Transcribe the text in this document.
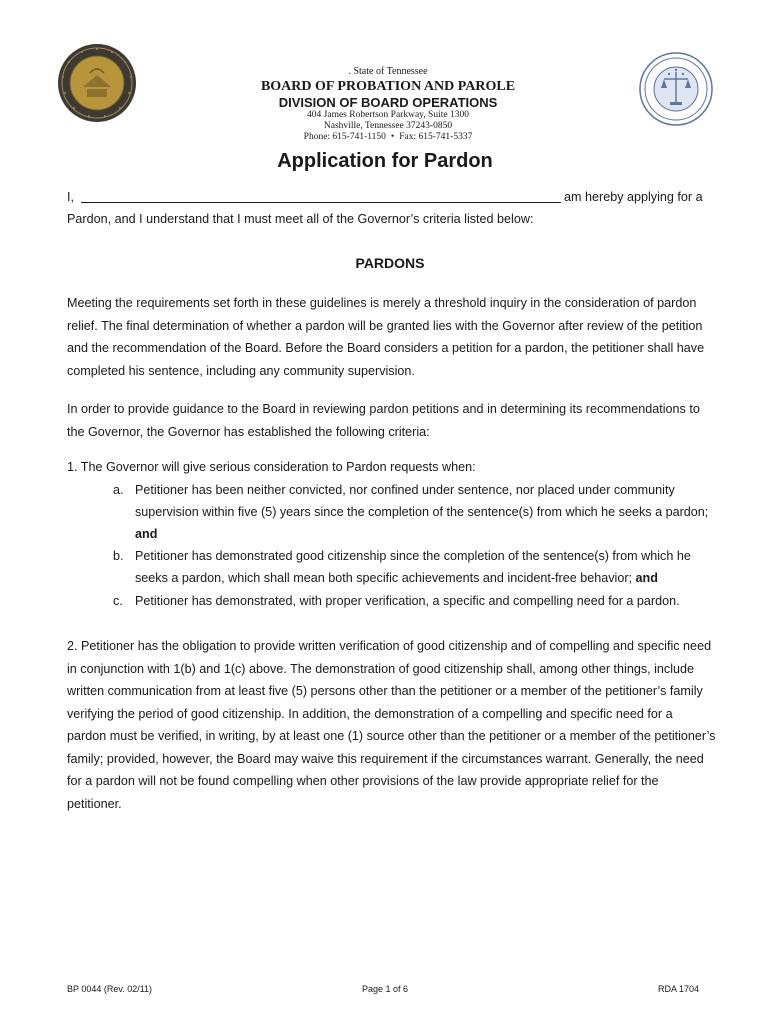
. State of Tennessee
BOARD OF PROBATION AND PAROLE
DIVISION OF BOARD OPERATIONS
404 James Robertson Parkway, Suite 1300
Nashville, Tennessee 37243-0850
Phone: 615-741-1150 • Fax: 615-741-5337
Application for Pardon
I,	am hereby applying for a
Pardon, and I understand that I must meet all of the Governor’s criteria listed below:
PARDONS
Meeting the requirements set forth in these guidelines is merely a threshold inquiry in the consideration of pardon
relief. The final determination of whether a pardon will be granted lies with the Governor after review of the petition
and the recommendation of the Board. Before the Board considers a petition for a pardon, the petitioner shall have
completed his sentence, including any community supervision.
In order to provide guidance to the Board in reviewing pardon petitions and in determining its recommendations to
the Governor, the Governor has established the following criteria:
1. The Governor will give serious consideration to Pardon requests when:
a. Petitioner has been neither convicted, nor confined under sentence, nor placed under community
supervision within five (5) years since the completion of the sentence(s) from which he seeks a pardon;
and
b. Petitioner has demonstrated good citizenship since the completion of the sentence(s) from which he
seeks a pardon, which shall mean both specific achievements and incident-free behavior; and
c. Petitioner has demonstrated, with proper verification, a specific and compelling need for a pardon.
2. Petitioner has the obligation to provide written verification of good citizenship and of compelling and specific need
in conjunction with 1(b) and 1(c) above. The demonstration of good citizenship shall, among other things, include
written communication from at least five (5) persons other than the petitioner or a member of the petitioner’s family
verifying the period of good citizenship. In addition, the demonstration of a compelling and specific need for a
pardon must be verified, in writing, by at least one (1) source other than the petitioner or a member of the petitioner’s
family; provided, however, the Board may waive this requirement if the circumstances warrant. Generally, the need
for a pardon will not be found compelling when other provisions of the law provide appropriate relief for the
petitioner.
BP 0044 (Rev. 02/11)	Page 1 of 6	RDA 1704
